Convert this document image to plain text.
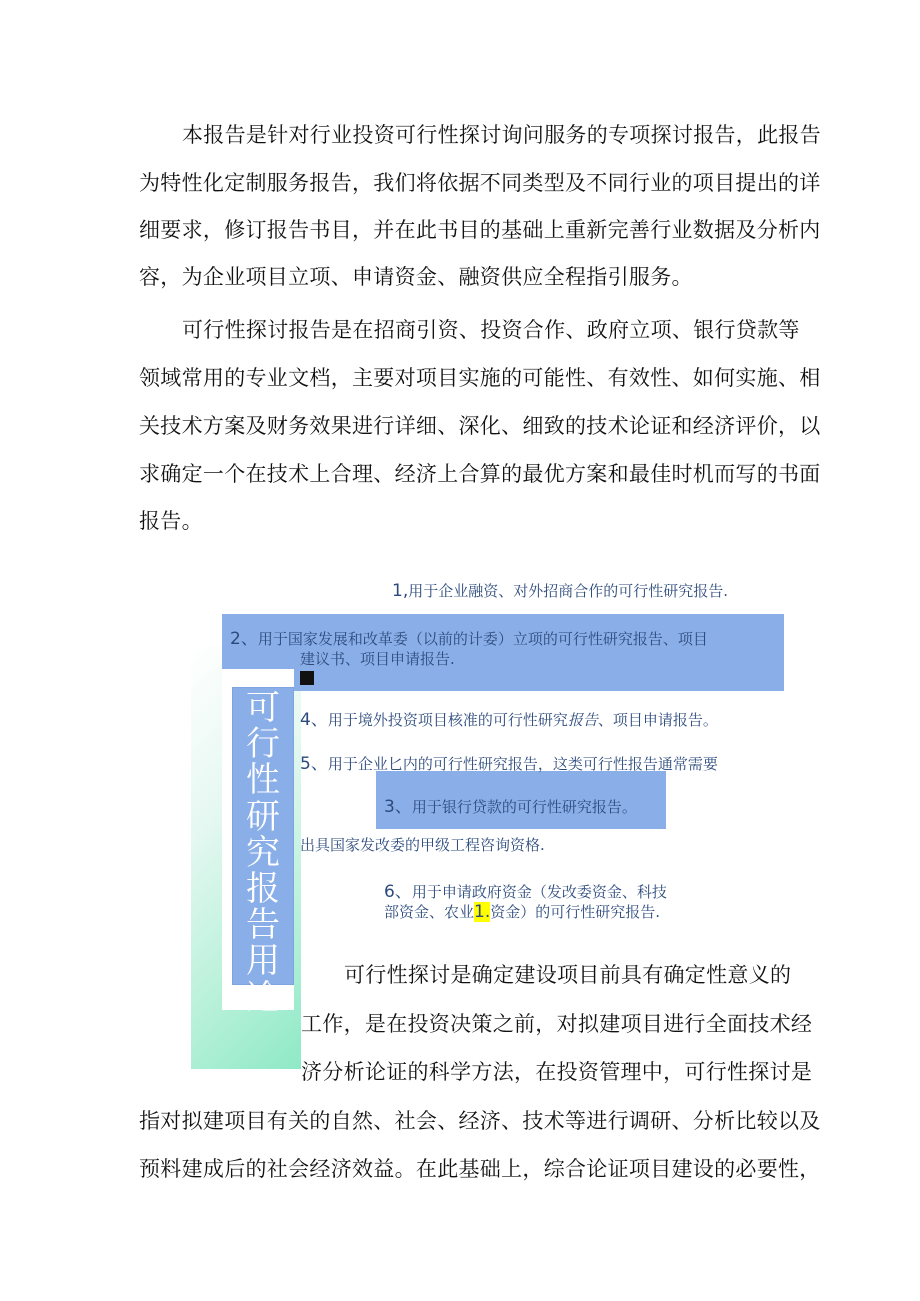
本报告是针对行业投资可行性探讨询问服务的专项探讨报告，此报告
为特性化定制服务报告，我们将依据不同类型及不同行业的项目提出的详
细要求，修订报告书目，并在此书目的基础上重新完善行业数据及分析内
容，为企业项目立项、申请资金、融资供应全程指引服务。
可行性探讨报告是在招商引资、投资合作、政府立项、银行贷款等
领域常用的专业文档，主要对项目实施的可能性、有效性、如何实施、相
关技术方案及财务效果进行详细、深化、细致的技术论证和经济评价，以
求确定一个在技术上合理、经济上合算的最优方案和最佳时机而写的书面
报告。
可行性研究报告用途
1,用于企业融资、对外招商合作的可行性研究报告.
2、用于国家发展和改革委（以前的计委）立项的可行性研究报告、项目
建议书、项目申请报告.
4、用于境外投资项目核准的可行性研究报告、项目申请报告。
5、用于企业匕内的可行性研究报告，这类可行性报告通常需要
3、用于银行贷款的可行性研究报告。
出具国家发改委的甲级工程咨询资格.
6、用于申请政府资金（发改委资金、科技
部资金、农业1.资金）的可行性研究报告.
可行性探讨是确定建设项目前具有确定性意义的
工作，是在投资决策之前，对拟建项目进行全面技术经
济分析论证的科学方法，在投资管理中，可行性探讨是
指对拟建项目有关的自然、社会、经济、技术等进行调研、分析比较以及
预料建成后的社会经济效益。在此基础上，综合论证项目建设的必要性，
